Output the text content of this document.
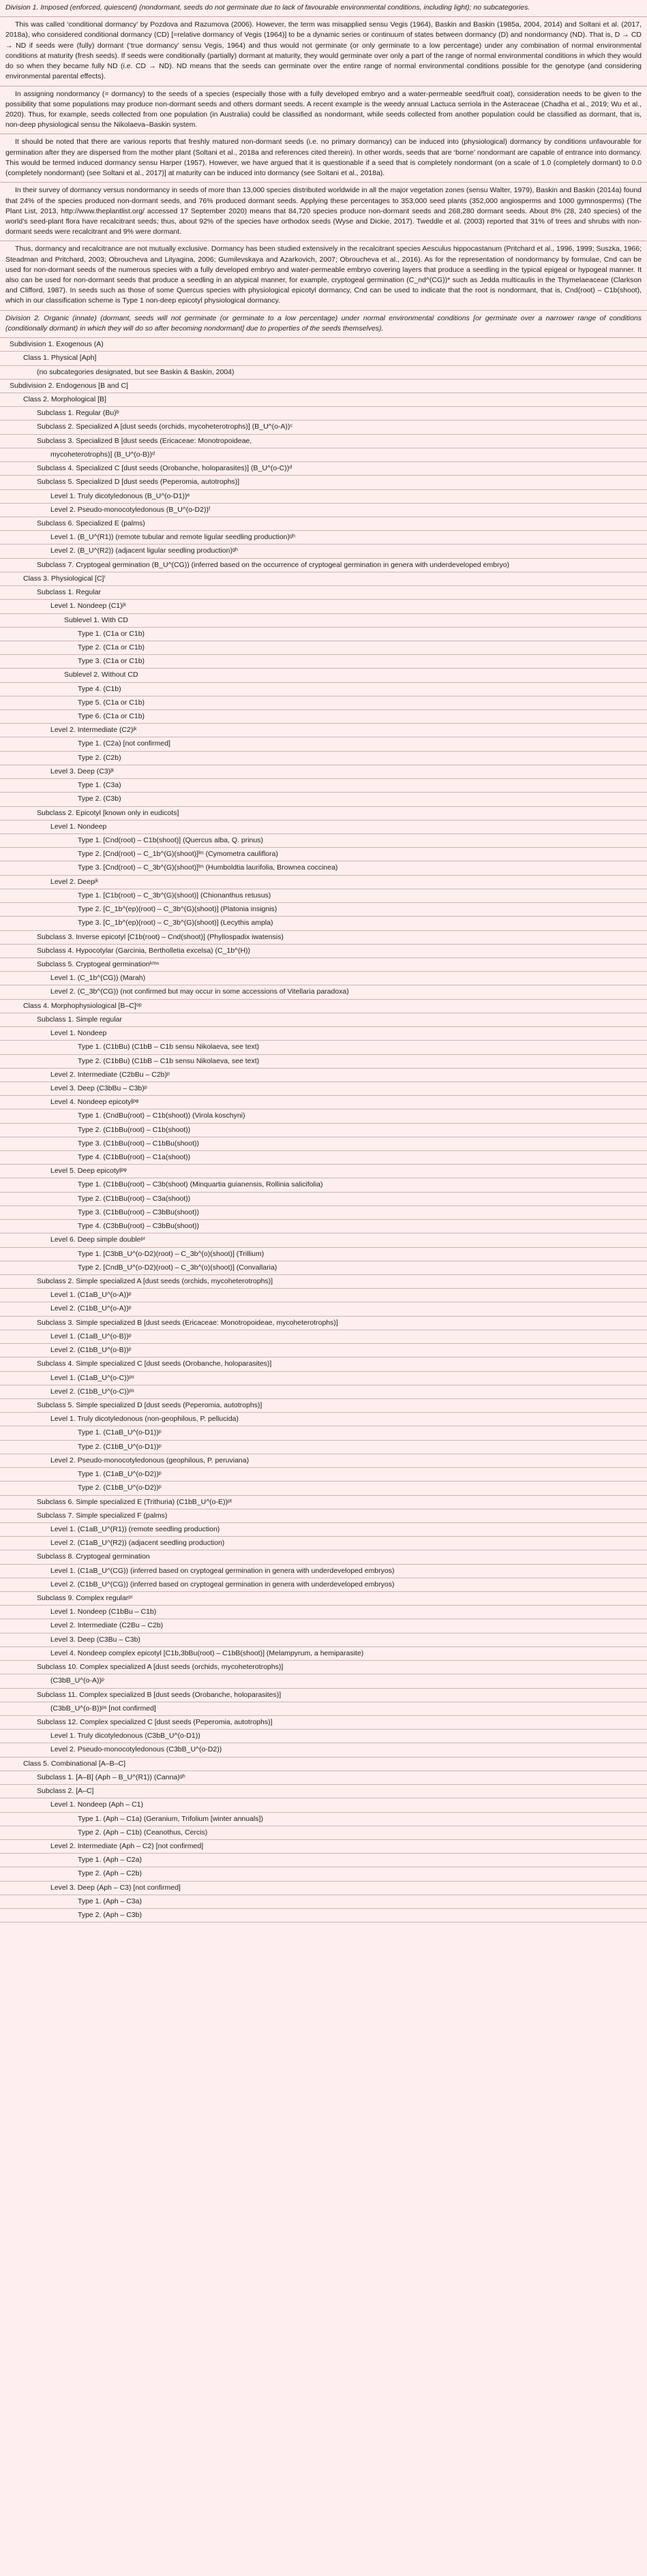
Division 1. Imposed (enforced, quiescent) (nondormant, seeds do not germinate due to lack of favourable environmental conditions, including light); no subcategories.
This was called ‘conditional dormancy’ by Pozdova and Razumova (2006). However, the term was misapplied sensu Vegis (1964), Baskin and Baskin (1985a, 2004, 2014) and Soltani et al. (2017, 2018a), who considered conditional dormancy (CD) [=relative dormancy of Vegis (1964)] to be a dynamic series or continuum of states between dormancy (D) and nondormancy (ND). That is, D → CD → ND if seeds were (fully) dormant (‘true dormancy’ sensu Vegis, 1964) and thus would not germinate (or only germinate to a low percentage) under any combination of normal environmental conditions at maturity (fresh seeds). If seeds were conditionally (partially) dormant at maturity, they would germinate over only a part of the range of normal environmental conditions in which they would do so when they became fully ND (i.e. CD → ND). ND means that the seeds can germinate over the entire range of normal environmental conditions possible for the genotype (and considering environmental parental effects).
In assigning nondormancy (= dormancy) to the seeds of a species (especially those with a fully developed embryo and a water-permeable seed/fruit coat), consideration needs to be given to the possibility that some populations may produce non-dormant seeds and others dormant seeds. A recent example is the weedy annual Lactuca serriola in the Asteraceae (Chadha et al., 2019; Wu et al., 2020). Thus, for example, seeds collected from one population (in Australia) could be classified as nondormant, while seeds collected from another population could be classified as dormant, that is, non-deep physiological sensu the Nikolaeva–Baskin system.
It should be noted that there are various reports that freshly matured non-dormant seeds (i.e. no primary dormancy) can be induced into (physiological) dormancy by conditions unfavourable for germination after they are dispersed from the mother plant (Soltani et al., 2018a and references cited therein). In other words, seeds that are ‘borne’ nondormant are capable of entrance into dormancy. This would be termed induced dormancy sensu Harper (1957). However, we have argued that it is questionable if a seed that is completely nondormant (on a scale of 1.0 (completely dormant) to 0.0 (completely nondormant) (see Soltani et al., 2017)] at maturity can be induced into dormancy (see Soltani et al., 2018a).
In their survey of dormancy versus nondormancy in seeds of more than 13,000 species distributed worldwide in all the major vegetation zones (sensu Walter, 1979), Baskin and Baskin (2014a) found that 24% of the species produced non-dormant seeds, and 76% produced dormant seeds. Applying these percentages to 353,000 seed plants (352,000 angiosperms and 1000 gymnosperms) (The Plant List, 2013, http://www.theplantlist.org/ accessed 17 September 2020) means that 84,720 species produce non-dormant seeds and 268,280 dormant seeds. About 8% (28, 240 species) of the world’s seed-plant flora have recalcitrant seeds; thus, about 92% of the species have orthodox seeds (Wyse and Dickie, 2017). Tweddle et al. (2003) reported that 31% of trees and shrubs with non-dormant seeds were recalcitrant and 9% were dormant.
Thus, dormancy and recalcitrance are not mutually exclusive. Dormancy has been studied extensively in the recalcitrant species Aesculus hippocastanum (Pritchard et al., 1996, 1999; Suszka, 1966; Steadman and Pritchard, 2003; Obroucheva and Lityagina, 2006; Gumilevskaya and Azarkovich, 2007; Obroucheva et al., 2016). As for the representation of nondormancy by formulae, Cnd can be used for non-dormant seeds of the numerous species with a fully developed embryo and water-permeable embryo covering layers that produce a seedling in the typical epigeal or hypogeal manner. It also can be used for non-dormant seeds that produce a seedling in an atypical manner, for example, cryptogeal germination (C_nd^(CG))* such as Jedda multicaulis in the Thymelaeaceae (Clarkson and Clifford, 1987). In seeds such as those of some Quercus species with physiological epicotyl dormancy, Cnd can be used to indicate that the root is nondormant, that is, Cnd(root) – C1b(shoot), which in our classification scheme is Type 1 non-deep epicotyl physiological dormancy.
Division 2. Organic (innate) (dormant, seeds will not germinate (or germinate to a low percentage) under normal environmental conditions [or germinate over a narrower range of conditions (conditionally dormant) in which they will do so after becoming nondormant] due to properties of the seeds themselves).
Subdivision 1. Exogenous (A)
Class 1. Physical [Aph]
(no subcategories designated, but see Baskin & Baskin, 2004)
Subdivision 2. Endogenous [B and C]
Class 2. Morphological [B]
Subclass 1. Regular (Bu)ᵇ
Subclass 2. Specialized A [dust seeds (orchids, mycoheterotrophs)] (B_U^(o-A))ᶜ
Subclass 3. Specialized B [dust seeds (Ericaceae: Monotropoideae,
mycoheterotrophs)] (B_U^(o-B))ᵈ
Subclass 4. Specialized C [dust seeds (Orobanche, holoparasites)] (B_U^(o-C))ᵈ
Subclass 5. Specialized D [dust seeds (Peperomia, autotrophs)]
Level 1. Truly dicotyledonous (B_U^(o-D1))ᵉ
Level 2. Pseudo-monocotyledonous (B_U^(o-D2))ᶠ
Subclass 6. Specialized E (palms)
Level 1. (B_U^(R1)) (remote tubular and remote ligular seedling production)ᵍʰ
Level 2. (B_U^(R2)) (adjacent ligular seedling production)ᵍʰ
Subclass 7. Cryptogeal germination (B_U^(CG)) (inferred based on the occurrence of cryptogeal germination in genera with underdeveloped embryo)
Class 3. Physiological [C]ⁱ
Subclass 1. Regular
Level 1. Nondeep (C1)ʲᵏ
Sublevel 1. With CD
Type 1. (C1a or C1b)
Type 2. (C1a or C1b)
Type 3. (C1a or C1b)
Sublevel 2. Without CD
Type 4. (C1b)
Type 5. (C1a or C1b)
Type 6. (C1a or C1b)
Level 2. Intermediate (C2)ʲᵏ
Type 1. (C2a) [not confirmed]
Type 2. (C2b)
Level 3. Deep (C3)ʲᵏ
Type 1. (C3a)
Type 2. (C3b)
Subclass 2. Epicotyl [known only in eudicots]
Level 1. Nondeep
Type 1. [Cnd(root) – C1b(shoot)] (Quercus alba, Q. prinus)
Type 2. [Cnd(root) – C_1b^(G)(shoot)]ˡᵐ (Cymometra cauliflora)
Type 3. [Cnd(root) – C_3b^(G)(shoot)]ˡᵐ (Humboldtia laurifolia, Brownea coccinea)
Level 2. Deepʲᵏ
Type 1. [C1b(root) – C_3b^(G)(shoot)] (Chionanthus retusus)
Type 2. [C_1b^(ep)(root) – C_3b^(G)(shoot)] (Platonia insignis)
Type 3. [C_1b^(ep)(root) – C_3b^(G)(shoot)] (Lecythis ampla)
Subclass 3. Inverse epicotyl [C1b(root) – Cnd(shoot)] (Phyllospadix iwatensis)
Subclass 4. Hypocotylar (Garcinia, Bertholletia excelsa) (C_1b^(H))
Subclass 5. Cryptogeal germinationᵏᵐⁿ
Level 1. (C_1b^(CG)) (Marah)
Level 2. (C_3b^(CG)) (not confirmed but may occur in some accessions of Vitellaria paradoxa)
Class 4. Morphophysiological [B–C]ᵒᵖ
Subclass 1. Simple regular
Level 1. Nondeep
Type 1. (C1bBu) (C1bB – C1b sensu Nikolaeva, see text)
Type 2. (C1bBu) (C1bB – C1b sensu Nikolaeva, see text)
Level 2. Intermediate (C2bBu – C2b)ᵖ
Level 3. Deep (C3bBu – C3b)ᵖ
Level 4. Nondeep epicotylᵖᵠ
Type 1. (CndBu(root) – C1b(shoot)) (Virola koschyni)
Type 2. (C1bBu(root) – C1b(shoot))
Type 3. (C1bBu(root) – C1bBu(shoot))
Type 4. (C1bBu(root) – C1a(shoot))
Level 5. Deep epicotylᵖᵠ
Type 1. (C1bBu(root) – C3b(shoot) (Minquartia guianensis, Rollinia salicifolia)
Type 2. (C1bBu(root) – C3a(shoot))
Type 3. (C1bBu(root) – C3bBu(shoot))
Type 4. (C3bBu(root) – C3bBu(shoot))
Level 6. Deep simple doubleᵖʳ
Type 1. [C3bB_U^(o-D2)(root) – C_3b^(o)(shoot)] (Trillium)
Type 2. [CndB_U^(o-D2)(root) – C_3b^(o)(shoot)] (Convallaria)
Subclass 2. Simple specialized A [dust seeds (orchids, mycoheterotrophs)]
Level 1. (C1aB_U^(o-A))ᵖ
Level 2. (C1bB_U^(o-A))ᵖ
Subclass 3. Simple specialized B [dust seeds (Ericaceae: Monotropoideae, mycoheterotrophs)]
Level 1. (C1aB_U^(o-B))ᵖ
Level 2. (C1bB_U^(o-B))ᵖ
Subclass 4. Simple specialized C [dust seeds (Orobanche, holoparasites)]
Level 1. (C1aB_U^(o-C))ᵖˢ
Level 2. (C1bB_U^(o-C))ᵖˢ
Subclass 5. Simple specialized D [dust seeds (Peperomia, autotrophs)]
Level 1. Truly dicotyledonous (non-geophilous, P. pellucida)
Type 1. (C1aB_U^(o-D1))ᵖ
Type 2. (C1bB_U^(o-D1))ᵖ
Level 2. Pseudo-monocotyledonous (geophilous, P. peruviana)
Type 1. (C1aB_U^(o-D2))ᵖ
Type 2. (C1bB_U^(o-D2))ᵖ
Subclass 6. Simple specialized E (Trithuria) (C1bB_U^(o-E))ᵖᵗ
Subclass 7. Simple specialized F (palms)
Level 1. (C1aB_U^(R1)) (remote seedling production)
Level 2. (C1aB_U^(R2)) (adjacent seedling production)
Subclass 8. Cryptogeal germination
Level 1. (C1aB_U^(CG)) (inferred based on cryptogeal germination in genera with underdeveloped embryos)
Level 2. (C1bB_U^(CG)) (inferred based on cryptogeal germination in genera with underdeveloped embryos)
Subclass 9. Complex regularᵖʳ
Level 1. Nondeep (C1bBu – C1b)
Level 2. Intermediate (C2Bu – C2b)
Level 3. Deep (C3Bu – C3b)
Level 4. Nondeep complex epicotyl [C1b,3bBu(root) – C1bB(shoot)] (Melampyrum, a hemiparasite)
Subclass 10. Complex specialized A [dust seeds (orchids, mycoheterotrophs)]
(C3bB_U^(o-A))ᵖ
Subclass 11. Complex specialized B [dust seeds (Orobanche, holoparasites)]
(C3bB_U^(o-B))ᵖˢ [not confirmed]
Subclass 12. Complex specialized C [dust seeds (Peperomia, autotrophs)]
Level 1. Truly dicotyledonous (C3bB_U^(o-D1))
Level 2. Pseudo-monocotyledonous (C3bB_U^(o-D2))
Class 5. Combinational [A–B–C]
Subclass 1. [A–B] (Aph – B_U^(R1)) (Canna)ᵍʰ
Subclass 2. [A–C]
Level 1. Nondeep (Aph – C1)
Type 1. (Aph – C1a) (Geranium, Trifolium [winter annuals])
Type 2. (Aph – C1b) (Ceanothus, Cercis)
Level 2. Intermediate (Aph – C2) [not confirmed]
Type 1. (Aph – C2a)
Type 2. (Aph – C2b)
Level 3. Deep (Aph – C3) [not confirmed]
Type 1. (Aph – C3a)
Type 2. (Aph – C3b)
